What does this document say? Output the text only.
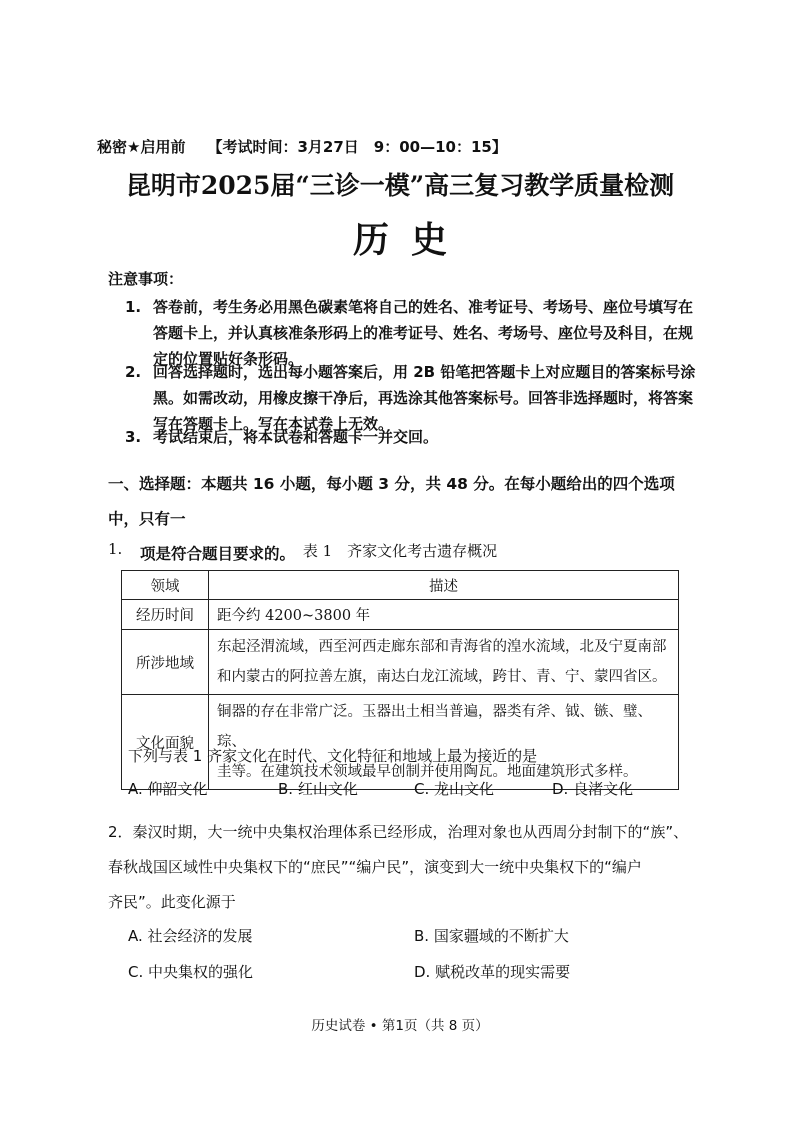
秘密★启用前 【考试时间：3月27日　9：00—10：15】
昆明市2025届“三诊一模”高三复习教学质量检测
历史
注意事项：
1. 答卷前，考生务必用黑色碳素笔将自己的姓名、准考证号、考场号、座位号填写在
答题卡上，并认真核准条形码上的准考证号、姓名、考场号、座位号及科目，在规
定的位置贴好条形码。
2. 回答选择题时，选出每小题答案后，用 2B 铅笔把答题卡上对应题目的答案标号涂
黑。如需改动，用橡皮擦干净后，再选涂其他答案标号。回答非选择题时，将答案
写在答题卡上。写在本试卷上无效。
3. 考试结束后，将本试卷和答题卡一并交回。
一、选择题：本题共 16 小题，每小题 3 分，共 48 分。在每小题给出的四个选项中，只有一
项是符合题目要求的。
1.	表 1　齐家文化考古遗存概况
领域	描述
经历时间	距今约 4200~3800 年

所涉地域	东起泾渭流域，西至河西走廊东部和青海省的湟水流域，北及宁夏南部
和内蒙古的阿拉善左旗，南达白龙江流域，跨甘、青、宁、蒙四省区。

文化面貌	铜器的存在非常广泛。玉器出土相当普遍，器类有斧、钺、镞、璧、琮、
圭等。在建筑技术领域最早创制并使用陶瓦。地面建筑形式多样。
下列与表 1 齐家文化在时代、文化特征和地域上最为接近的是
A. 仰韶文化	B. 红山文化	C. 龙山文化	D. 良渚文化
2．秦汉时期，大一统中央集权治理体系已经形成，治理对象也从西周分封制下的“族”、
春秋战国区域性中央集权下的“庶民”“编户民”，演变到大一统中央集权下的“编户
齐民”。此变化源于
A. 社会经济的发展	B. 国家疆域的不断扩大
C. 中央集权的强化	D. 赋税改革的现实需要
历史试卷 • 第1页（共 8 页）
